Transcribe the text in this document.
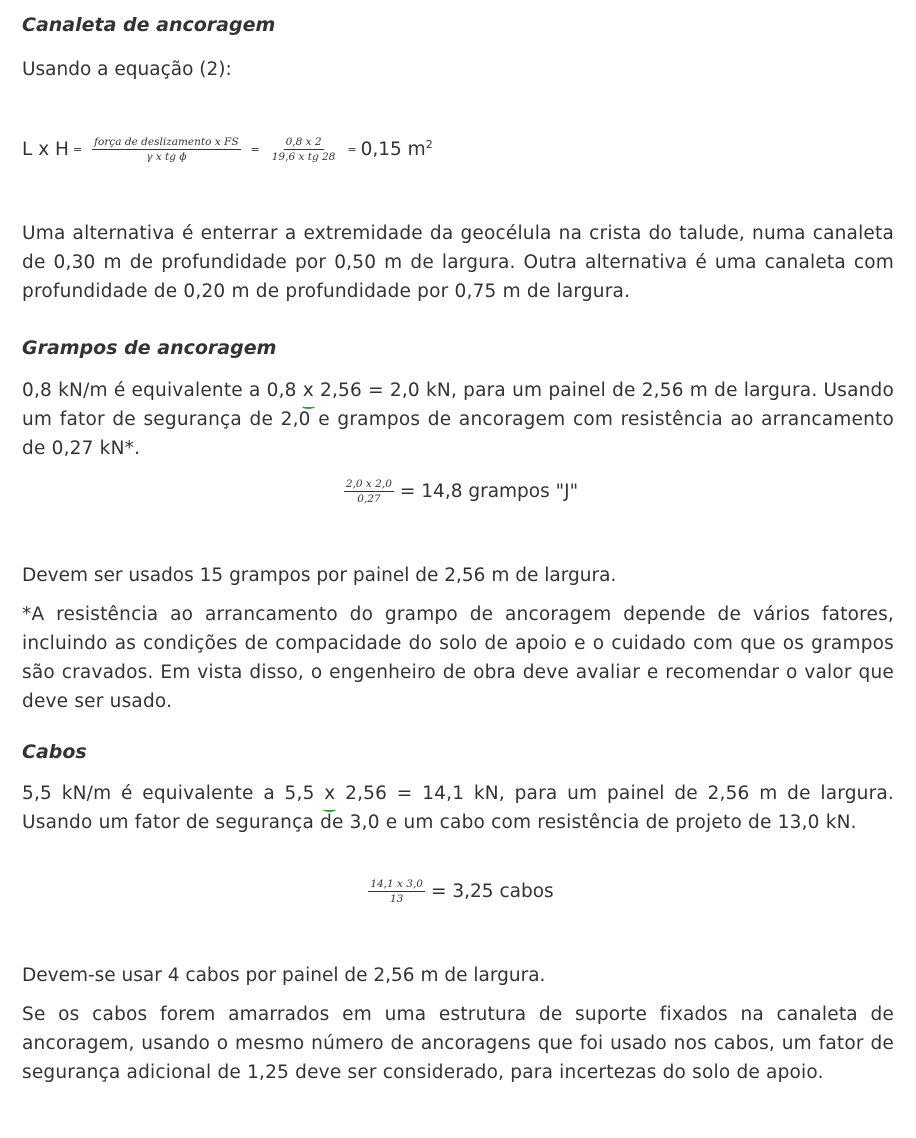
Canaleta de ancoragem
Usando a equação (2):
L x $H = \frac{\text{força de deslizamento x FS}}{\text{γ x tg ϕ}} = \frac{0,8 x 2}{\text{19,6 x tg 28}} = 0,15$ $m^2$
Uma alternativa é enterrar a extremidade da geocélula na crista do talude, numa canaleta de 0,30 m de profundidade por 0,50 m de largura. Outra alternativa é uma canaleta com profundidade de 0,20 m de profundidade por 0,75 m de largura.
Grampos de ancoragem
0,8 kN/m é equivalente a 0,8 x 2,56 = 2,0 kN, para um painel de 2,56 m de largura. Usando um fator de segurança de 2,0 e grampos de ancoragem com resistência ao arrancamento de 0,27 kN*.
$\frac{2,0 x 2,0}{0,27} = 14,8$ grampos "J"
Devem ser usados 15 grampos por painel de 2,56 m de largura.
*A resistência ao arrancamento do grampo de ancoragem depende de vários fatores, incluindo as condições de compacidade do solo de apoio e o cuidado com que os grampos são cravados. Em vista disso, o engenheiro de obra deve avaliar e recomendar o valor que deve ser usado.
Cabos
5,5 kN/m é equivalente a 5,5 x 2,56 = 14,1 kN, para um painel de 2,56 m de largura. Usando um fator de segurança de 3,0 e um cabo com resistência de projeto de 13,0 kN.
$\frac{14,1 x 3,0}{13} = 3,25$ cabos
Devem-se usar 4 cabos por painel de 2,56 m de largura.
Se os cabos forem amarrados em uma estrutura de suporte fixados na canaleta de ancoragem, usando o mesmo número de ancoragens que foi usado nos cabos, um fator de segurança adicional de 1,25 deve ser considerado, para incertezas do solo de apoio.
